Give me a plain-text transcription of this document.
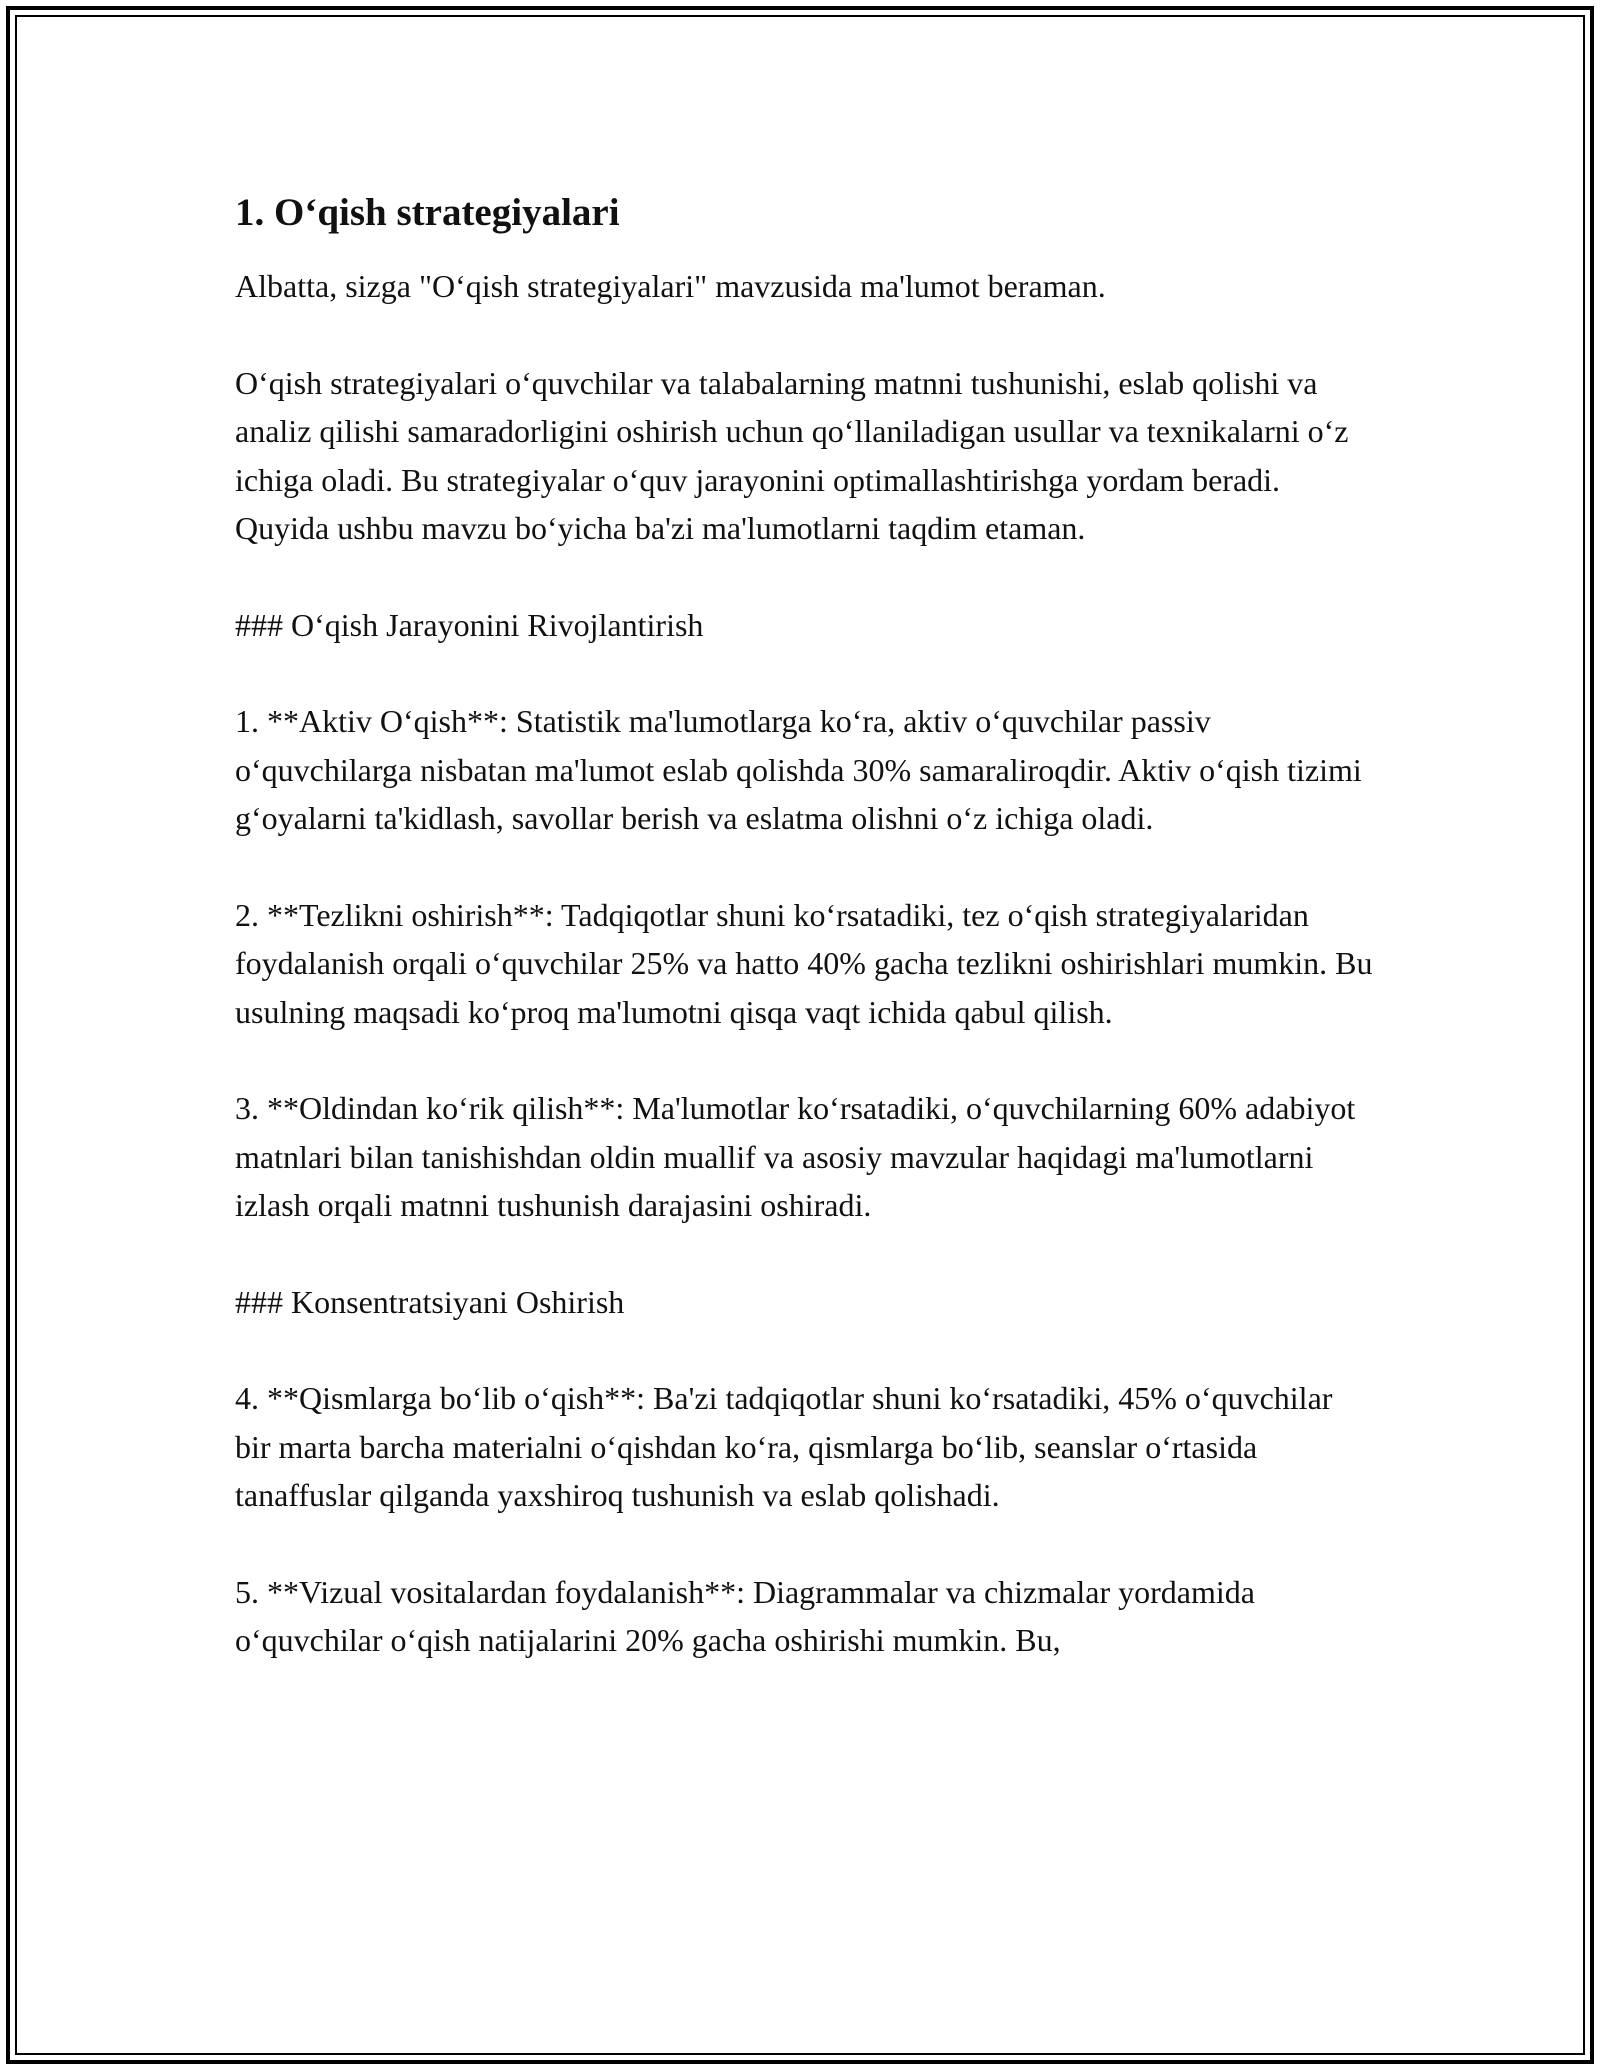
1. O‘qish strategiyalari

Albatta, sizga "O‘qish strategiyalari" mavzusida ma'lumot beraman.

O‘qish strategiyalari o‘quvchilar va talabalarning matnni tushunishi, eslab qolishi va analiz qilishi samaradorligini oshirish uchun qo‘llaniladigan usullar va texnikalarni o‘z ichiga oladi. Bu strategiyalar o‘quv jarayonini optimallashtirishga yordam beradi. Quyida ushbu mavzu bo‘yicha ba'zi ma'lumotlarni taqdim etaman.

### O‘qish Jarayonini Rivojlantirish

1. **Aktiv O‘qish**: Statistik ma'lumotlarga ko‘ra, aktiv o‘quvchilar passiv o‘quvchilarga nisbatan ma'lumot eslab qolishda 30% samaraliroqdir. Aktiv o‘qish tizimi g‘oyalarni ta'kidlash, savollar berish va eslatma olishni o‘z ichiga oladi.

2. **Tezlikni oshirish**: Tadqiqotlar shuni ko‘rsatadiki, tez o‘qish strategiyalaridan foydalanish orqali o‘quvchilar 25% va hatto 40% gacha tezlikni oshirishlari mumkin. Bu usulning maqsadi ko‘proq ma'lumotni qisqa vaqt ichida qabul qilish.

3. **Oldindan ko‘rik qilish**: Ma'lumotlar ko‘rsatadiki, o‘quvchilarning 60% adabiyot matnlari bilan tanishishdan oldin muallif va asosiy mavzular haqidagi ma'lumotlarni izlash orqali matnni tushunish darajasini oshiradi.

### Konsentratsiyani Oshirish

4. **Qismlarga bo‘lib o‘qish**: Ba'zi tadqiqotlar shuni ko‘rsatadiki, 45% o‘quvchilar bir marta barcha materialni o‘qishdan ko‘ra, qismlarga bo‘lib, seanslar o‘rtasida tanaffuslar qilganda yaxshiroq tushunish va eslab qolishadi.

5. **Vizual vositalardan foydalanish**: Diagrammalar va chizmalar yordamida o‘quvchilar o‘qish natijalarini 20% gacha oshirishi mumkin. Bu,
